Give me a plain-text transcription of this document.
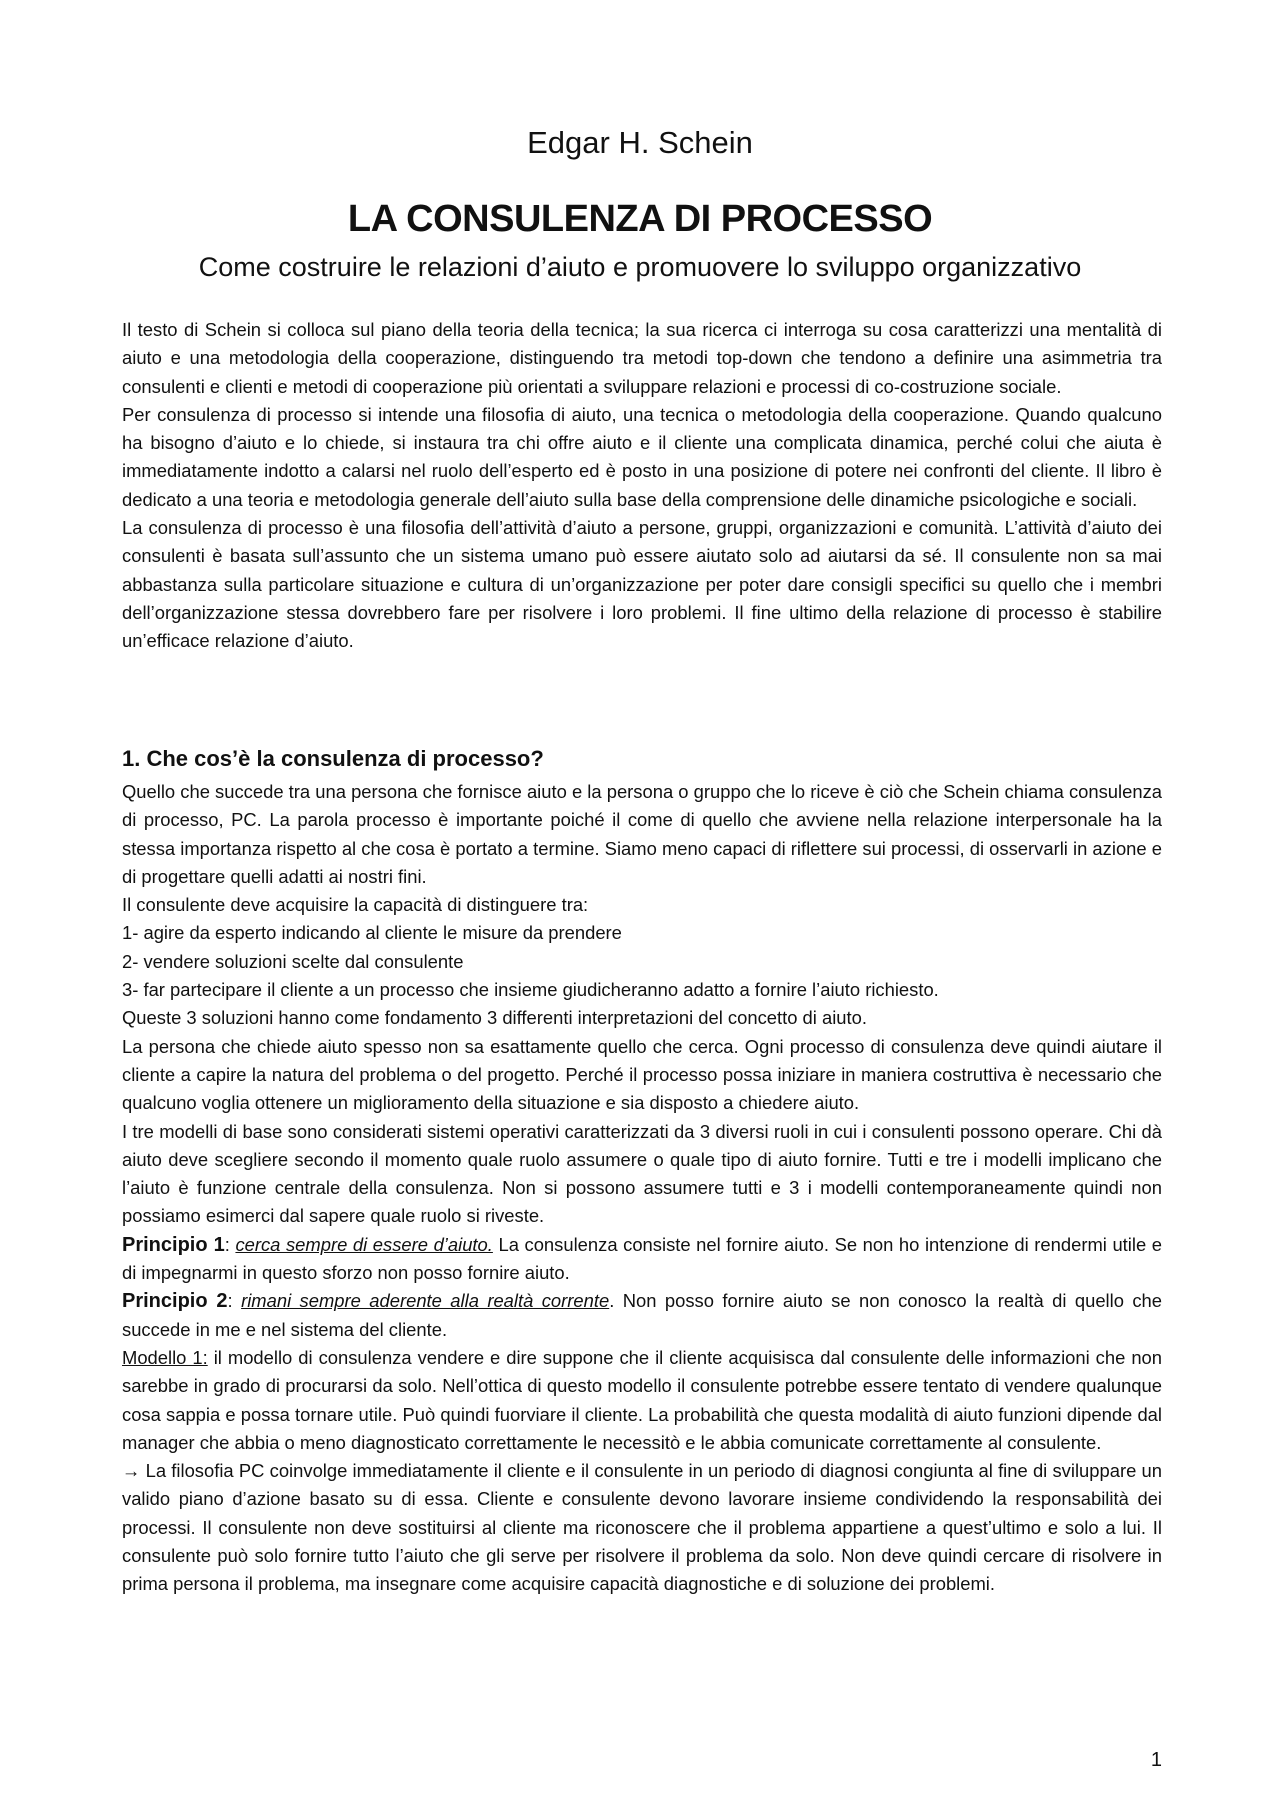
Edgar H. Schein
LA CONSULENZA DI PROCESSO
Come costruire le relazioni d’aiuto e promuovere lo sviluppo organizzativo

Il testo di Schein si colloca sul piano della teoria della tecnica; la sua ricerca ci interroga su cosa caratterizzi una mentalità di aiuto e una metodologia della cooperazione, distinguendo tra metodi top-down che tendono a definire una asimmetria tra consulenti e clienti e metodi di cooperazione più orientati a sviluppare relazioni e processi di co-costruzione sociale.

Per consulenza di processo si intende una filosofia di aiuto, una tecnica o metodologia della cooperazione. Quando qualcuno ha bisogno d’aiuto e lo chiede, si instaura tra chi offre aiuto e il cliente una complicata dinamica, perché colui che aiuta è immediatamente indotto a calarsi nel ruolo dell’esperto ed è posto in una posizione di potere nei confronti del cliente. Il libro è dedicato a una teoria e metodologia generale dell’aiuto sulla base della comprensione delle dinamiche psicologiche e sociali.

La consulenza di processo è una filosofia dell’attività d’aiuto a persone, gruppi, organizzazioni e comunità. L’attività d’aiuto dei consulenti è basata sull’assunto che un sistema umano può essere aiutato solo ad aiutarsi da sé. Il consulente non sa mai abbastanza sulla particolare situazione e cultura di un’organizzazione per poter dare consigli specifici su quello che i membri dell’organizzazione stessa dovrebbero fare per risolvere i loro problemi. Il fine ultimo della relazione di processo è stabilire un’efficace relazione d’aiuto.

1. Che cos’è la consulenza di processo?

Quello che succede tra una persona che fornisce aiuto e la persona o gruppo che lo riceve è ciò che Schein chiama consulenza di processo, PC. La parola processo è importante poiché il come di quello che avviene nella relazione interpersonale ha la stessa importanza rispetto al che cosa è portato a termine. Siamo meno capaci di riflettere sui processi, di osservarli in azione e di progettare quelli adatti ai nostri fini.

Il consulente deve acquisire la capacità di distinguere tra:

1- agire da esperto indicando al cliente le misure da prendere

2- vendere soluzioni scelte dal consulente

3- far partecipare il cliente a un processo che insieme giudicheranno adatto a fornire l’aiuto richiesto.

Queste 3 soluzioni hanno come fondamento 3 differenti interpretazioni del concetto di aiuto.

La persona che chiede aiuto spesso non sa esattamente quello che cerca. Ogni processo di consulenza deve quindi aiutare il cliente a capire la natura del problema o del progetto. Perché il processo possa iniziare in maniera costruttiva è necessario che qualcuno voglia ottenere un miglioramento della situazione e sia disposto a chiedere aiuto.

I tre modelli di base sono considerati sistemi operativi caratterizzati da 3 diversi ruoli in cui i consulenti possono operare. Chi dà aiuto deve scegliere secondo il momento quale ruolo assumere o quale tipo di aiuto fornire. Tutti e tre i modelli implicano che l’aiuto è funzione centrale della consulenza. Non si possono assumere tutti e 3 i modelli contemporaneamente quindi non possiamo esimerci dal sapere quale ruolo si riveste.

Principio 1: cerca sempre di essere d’aiuto. La consulenza consiste nel fornire aiuto. Se non ho intenzione di rendermi utile e di impegnarmi in questo sforzo non posso fornire aiuto.

Principio 2: rimani sempre aderente alla realtà corrente. Non posso fornire aiuto se non conosco la realtà di quello che succede in me e nel sistema del cliente.

Modello 1: il modello di consulenza vendere e dire suppone che il cliente acquisisca dal consulente delle informazioni che non sarebbe in grado di procurarsi da solo. Nell’ottica di questo modello il consulente potrebbe essere tentato di vendere qualunque cosa sappia e possa tornare utile. Può quindi fuorviare il cliente. La probabilità che questa modalità di aiuto funzioni dipende dal manager che abbia o meno diagnosticato correttamente le necessitò e le abbia comunicate correttamente al consulente.

→ La filosofia PC coinvolge immediatamente il cliente e il consulente in un periodo di diagnosi congiunta al fine di sviluppare un valido piano d’azione basato su di essa. Cliente e consulente devono lavorare insieme condividendo la responsabilità dei processi. Il consulente non deve sostituirsi al cliente ma riconoscere che il problema appartiene a quest’ultimo e solo a lui. Il consulente può solo fornire tutto l’aiuto che gli serve per risolvere il problema da solo. Non deve quindi cercare di risolvere in prima persona il problema, ma insegnare come acquisire capacità diagnostiche e di soluzione dei problemi.

1
